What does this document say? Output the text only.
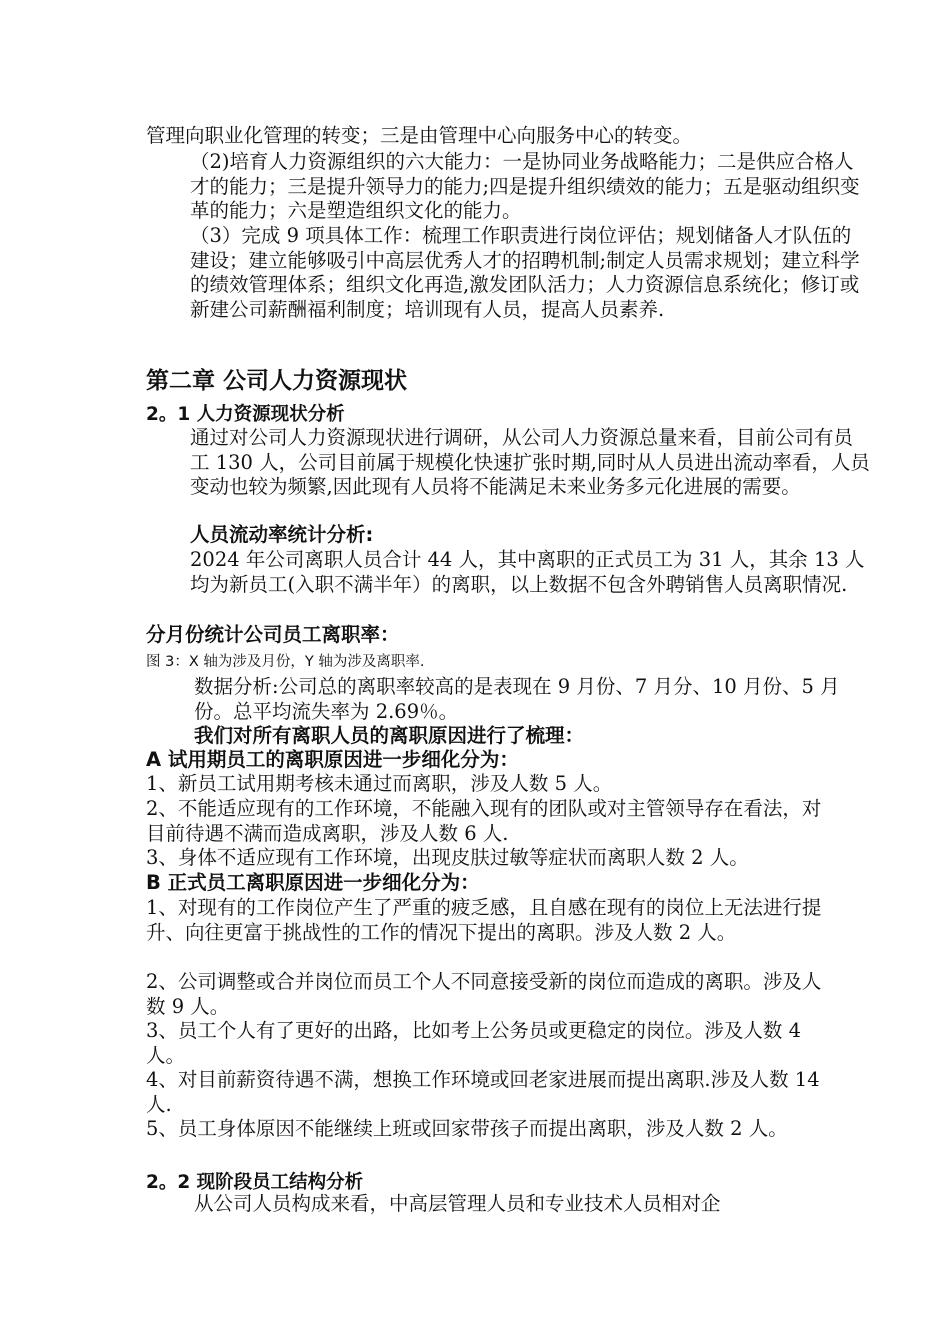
管理向职业化管理的转变；三是由管理中心向服务中心的转变。

（2)培育人力资源组织的六大能力：一是协同业务战略能力；二是供应合格人才的能力；三是提升领导力的能力;四是提升组织绩效的能力；五是驱动组织变革的能力；六是塑造组织文化的能力。

（3）完成 9 项具体工作：梳理工作职责进行岗位评估；规划储备人才队伍的建设；建立能够吸引中高层优秀人才的招聘机制;制定人员需求规划；建立科学的绩效管理体系；组织文化再造,激发团队活力；人力资源信息系统化；修订或新建公司薪酬福利制度；培训现有人员，提高人员素养.

第二章 公司人力资源现状
2。1 人力资源现状分析

通过对公司人力资源现状进行调研，从公司人力资源总量来看，目前公司有员工 130 人，公司目前属于规模化快速扩张时期,同时从人员进出流动率看，人员变动也较为频繁,因此现有人员将不能满足未来业务多元化进展的需要。

人员流动率统计分析:

2024 年公司离职人员合计 44 人，其中离职的正式员工为 31 人，其余 13 人均为新员工(入职不满半年）的离职，以上数据不包含外聘销售人员离职情况.

分月份统计公司员工离职率：

图 3：X 轴为涉及月份，Y 轴为涉及离职率.

数据分析:公司总的离职率较高的是表现在 9 月份、7 月分、10 月份、5 月份。总平均流失率为 2.69％。

我们对所有离职人员的离职原因进行了梳理：

A 试用期员工的离职原因进一步细化分为：

1、新员工试用期考核未通过而离职，涉及人数 5 人。

2、不能适应现有的工作环境，不能融入现有的团队或对主管领导存在看法，对目前待遇不满而造成离职，涉及人数 6 人.

3、身体不适应现有工作环境，出现皮肤过敏等症状而离职人数 2 人。

B 正式员工离职原因进一步细化分为：

1、对现有的工作岗位产生了严重的疲乏感，且自感在现有的岗位上无法进行提升、向往更富于挑战性的工作的情况下提出的离职。涉及人数 2 人。

2、公司调整或合并岗位而员工个人不同意接受新的岗位而造成的离职。涉及人数 9 人。

3、员工个人有了更好的出路，比如考上公务员或更稳定的岗位。涉及人数 4 人。

4、对目前薪资待遇不满，想换工作环境或回老家进展而提出离职.涉及人数 14 人.

5、员工身体原因不能继续上班或回家带孩子而提出离职，涉及人数 2 人。

2。2 现阶段员工结构分析

从公司人员构成来看，中高层管理人员和专业技术人员相对企
